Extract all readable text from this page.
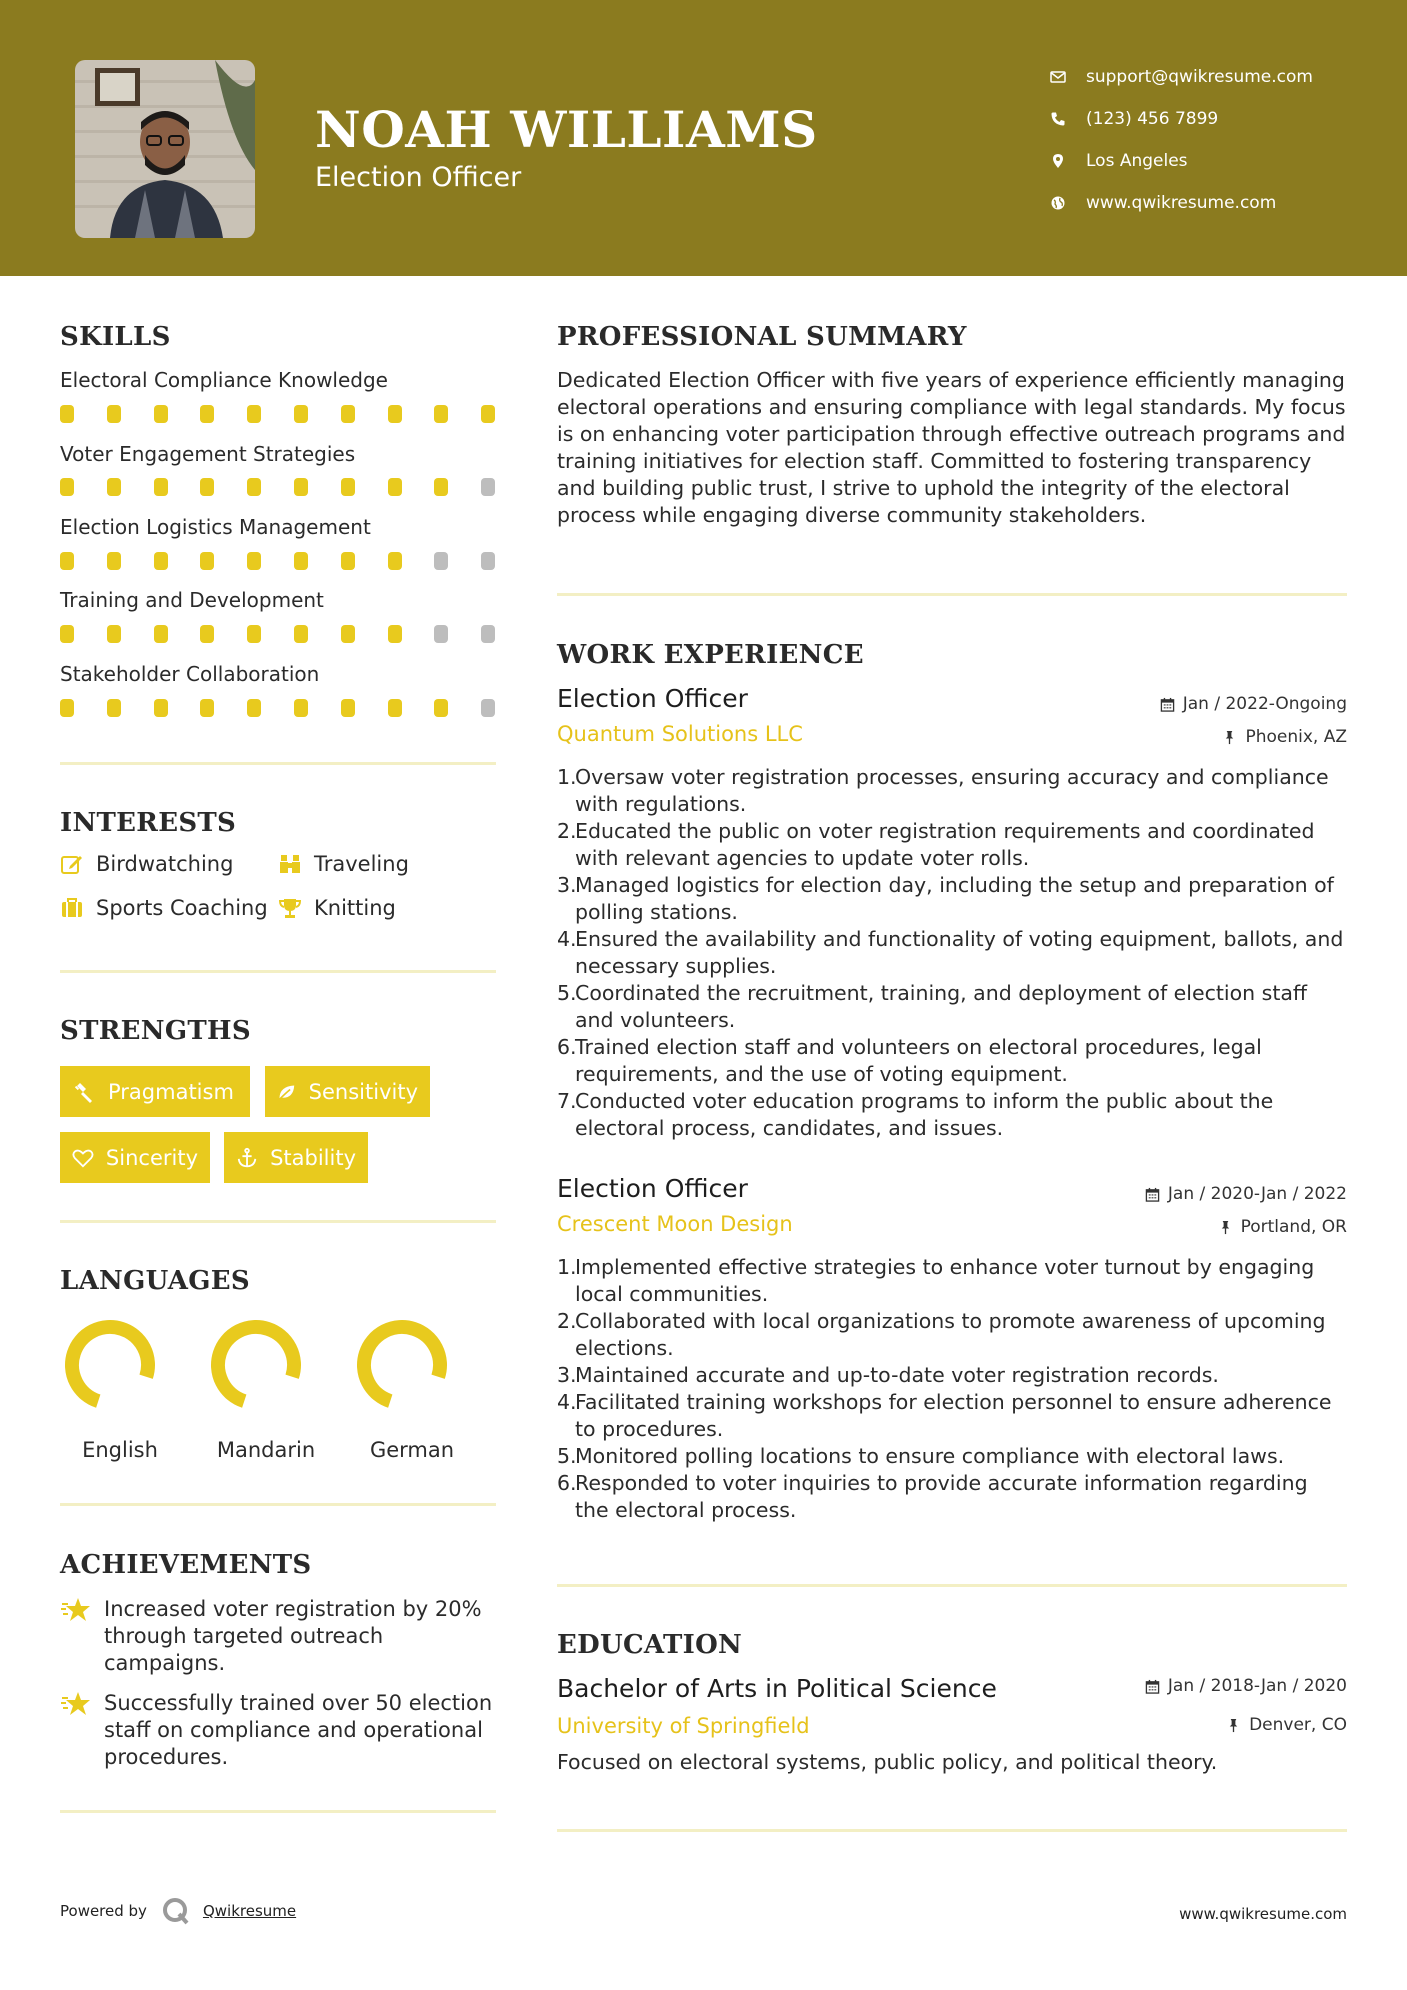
NOAH WILLIAMS
Election Officer
support@qwikresume.com
(123) 456 7899
Los Angeles
www.qwikresume.com
SKILLS
Electoral Compliance Knowledge
Voter Engagement Strategies
Election Logistics Management
Training and Development
Stakeholder Collaboration
INTERESTS
Birdwatching	Traveling
Sports Coaching Knitting
STRENGTHS
Pragmatism	Sensitivity
Sincerity	Stability
LANGUAGES
English	Mandarin	German
ACHIEVEMENTS
Increased voter registration by 20% through targeted outreach campaigns.
Successfully trained over 50 election staff on compliance and operational procedures.
PROFESSIONAL SUMMARY
Dedicated Election Officer with five years of experience efficiently managing electoral operations and ensuring compliance with legal standards. My focus is on enhancing voter participation through effective outreach programs and training initiatives for election staff. Committed to fostering transparency and building public trust, I strive to uphold the integrity of the electoral process while engaging diverse community stakeholders.
WORK EXPERIENCE
Election Officer	Jan / 2022-Ongoing
Quantum Solutions LLC	Phoenix, AZ
1.
Oversaw voter registration processes, ensuring accuracy and compliance with regulations.
2.
Educated the public on voter registration requirements and coordinated with relevant agencies to update voter rolls.
3.
Managed logistics for election day, including the setup and preparation of polling stations.
4.
Ensured the availability and functionality of voting equipment, ballots, and necessary supplies.
5.
Coordinated the recruitment, training, and deployment of election staff and volunteers.
6.
Trained election staff and volunteers on electoral procedures, legal requirements, and the use of voting equipment.
7.
Conducted voter education programs to inform the public about the electoral process, candidates, and issues.
Election Officer	Jan / 2020-Jan / 2022
Crescent Moon Design	Portland, OR
1.
Implemented effective strategies to enhance voter turnout by engaging local communities.
2.
Collaborated with local organizations to promote awareness of upcoming elections.
3.
Maintained accurate and up-to-date voter registration records.
4.
Facilitated training workshops for election personnel to ensure adherence to procedures.
5.
Monitored polling locations to ensure compliance with electoral laws.
6.
Responded to voter inquiries to provide accurate information regarding the electoral process.
EDUCATION
Bachelor of Arts in Political Science	Jan / 2018-Jan / 2020
University of Springfield	Denver, CO
Focused on electoral systems, public policy, and political theory.
Powered by	Qwikresume	www.qwikresume.com
